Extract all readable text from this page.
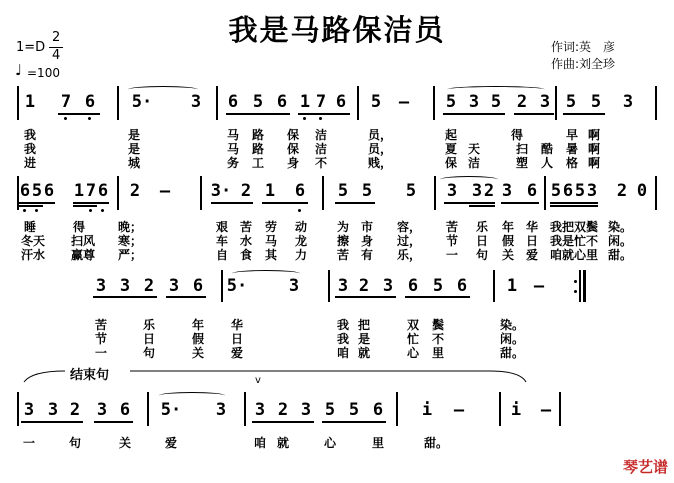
我是马路保洁员
1=D
2
4
♩ =100
作词:英　彦
作曲:刘全珍
1 7 6 5· 3 6 5 6 1 7 6 5 – 5 3 5 2 3 5 5 3
我	是	马 路 保 洁	员，	起	得	早 啊
我	是	马 路 保 洁	员，	夏 天	扫 酷 暑 啊
进	城	务 工 身 不	贱，	保 洁	塑 人 格 啊
6 5 6 1 7 6 2 – 3· 2 1 6 5 5 5 3 3 2 3 6 5 6 5 3 2 0
睡	得	晚；	艰 苦 劳 动 为 市 容， 苦 乐 年 华 我把双鬓 染。
冬天 扫风 寒；	车 水 马 龙 擦 身 过， 节 日 假 日 我是忙不 闲。
汗水 赢尊 严；	自 食 其 力 苦 有 乐， 一 句 关 爱 咱就心里 甜。
3 3 2 3 6 5· 3 3 2 3 6 5 6 1 –
苦	乐	年 华	我 把	双 鬓	染。
节	日	假 日	我 是	忙 不	闲。
一	句	关 爱	咱 就	心 里	甜。
结束句	v
3 3 2 3 6 5· 3 3 2 3 5 5 6 i –	i –
一	句	关	爱	咱 就	心	里	甜。
琴艺谱
